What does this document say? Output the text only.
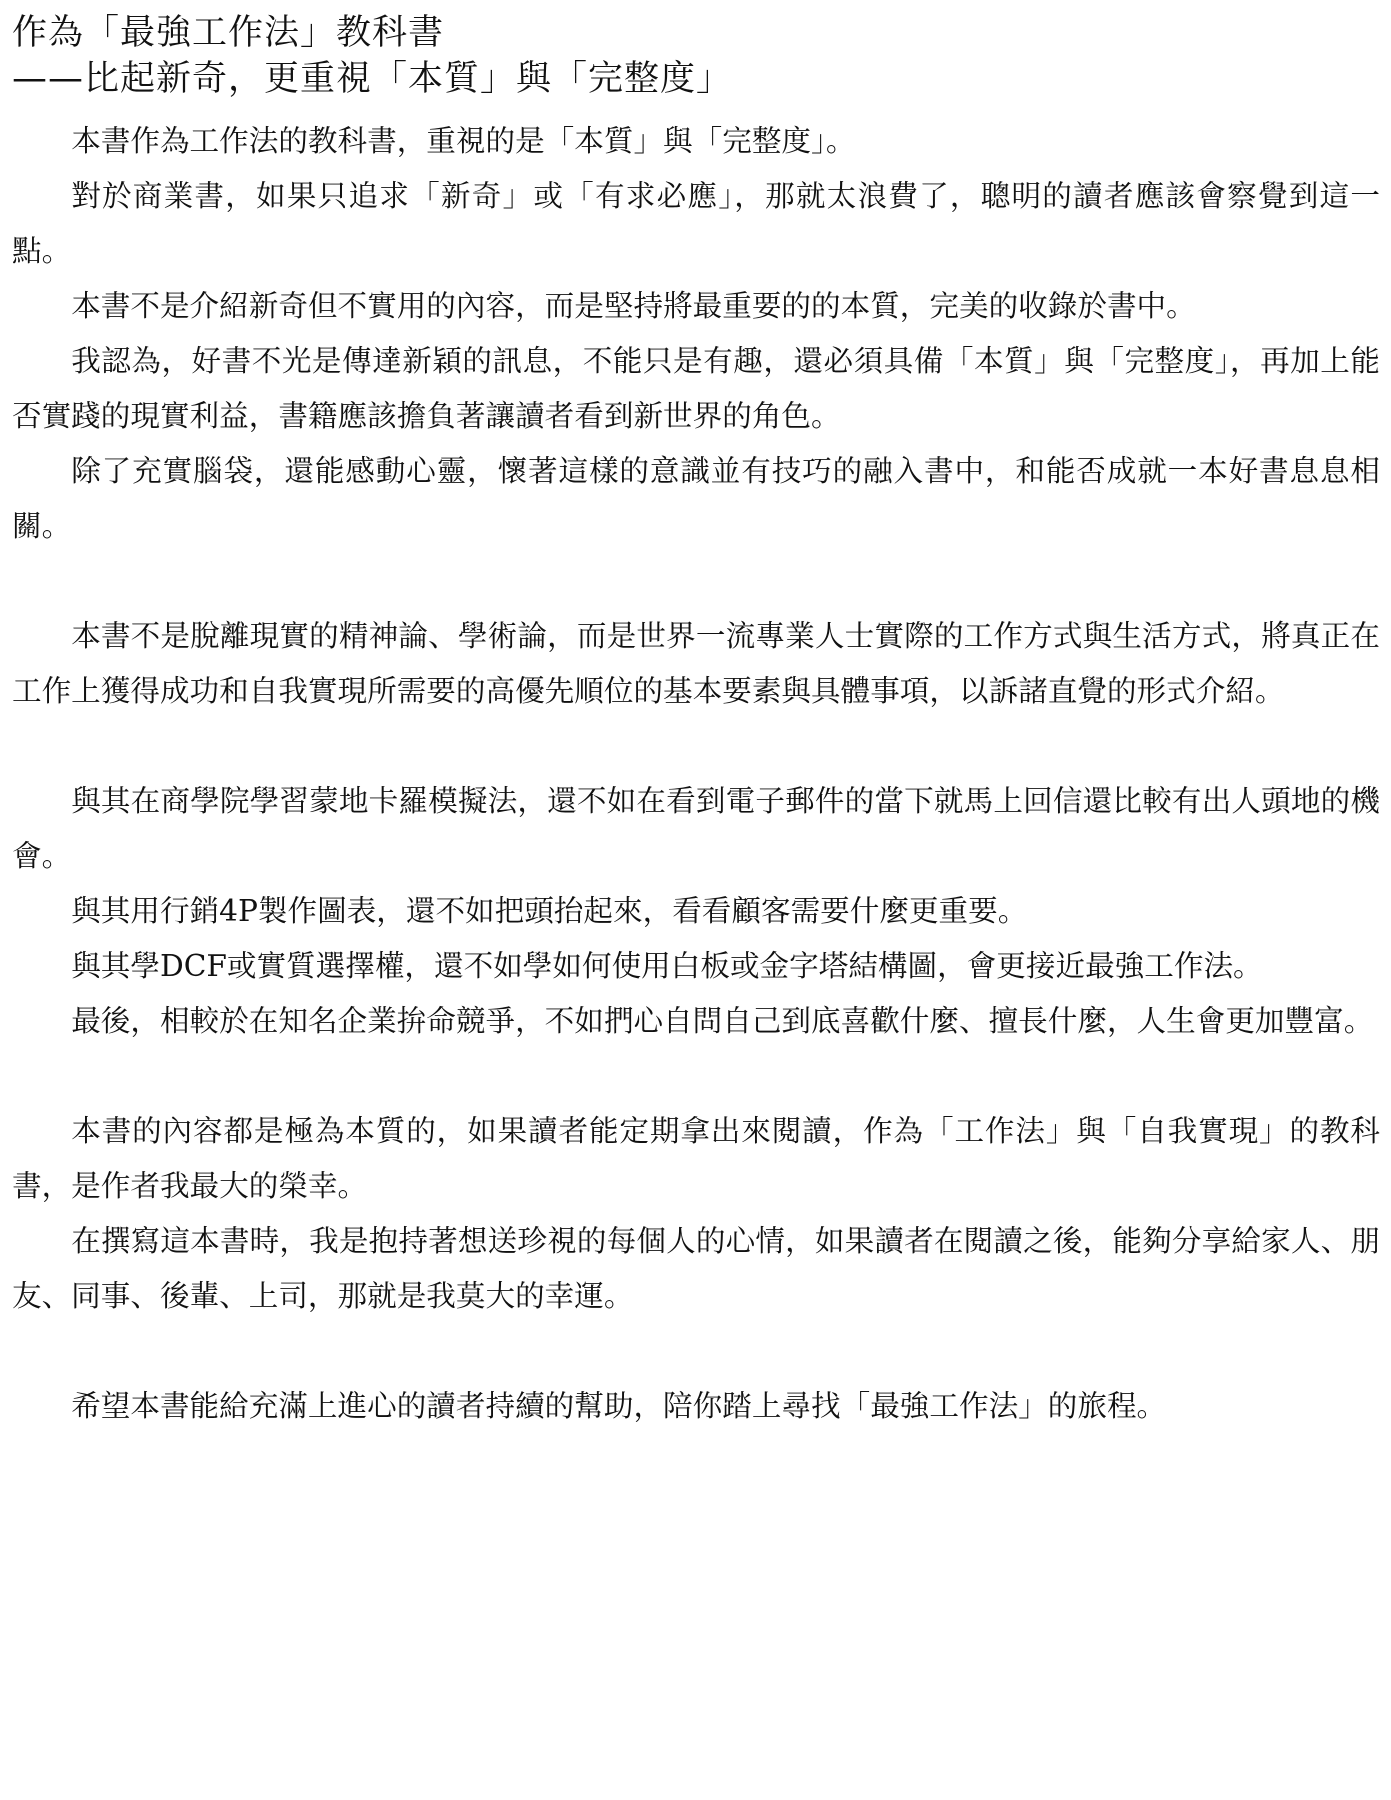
作為「最強工作法」教科書
——比起新奇，更重視「本質」與「完整度」

本書作為工作法的教科書，重視的是「本質」與「完整度」。

對於商業書，如果只追求「新奇」或「有求必應」，那就太浪費了，聰明的讀者應該會察覺到這一點。

本書不是介紹新奇但不實用的內容，而是堅持將最重要的的本質，完美的收錄於書中。

我認為，好書不光是傳達新穎的訊息，不能只是有趣，還必須具備「本質」與「完整度」，再加上能否實踐的現實利益，書籍應該擔負著讓讀者看到新世界的角色。

除了充實腦袋，還能感動心靈，懷著這樣的意識並有技巧的融入書中，和能否成就一本好書息息相關。

本書不是脫離現實的精神論、學術論，而是世界一流專業人士實際的工作方式與生活方式，將真正在工作上獲得成功和自我實現所需要的高優先順位的基本要素與具體事項，以訴諸直覺的形式介紹。

與其在商學院學習蒙地卡羅模擬法，還不如在看到電子郵件的當下就馬上回信還比較有出人頭地的機會。

與其用行銷4P製作圖表，還不如把頭抬起來，看看顧客需要什麼更重要。

與其學DCF或實質選擇權，還不如學如何使用白板或金字塔結構圖，會更接近最強工作法。

最後，相較於在知名企業拚命競爭，不如捫心自問自己到底喜歡什麼、擅長什麼，人生會更加豐富。

本書的內容都是極為本質的，如果讀者能定期拿出來閱讀，作為「工作法」與「自我實現」的教科書，是作者我最大的榮幸。

在撰寫這本書時，我是抱持著想送珍視的每個人的心情，如果讀者在閱讀之後，能夠分享給家人、朋友、同事、後輩、上司，那就是我莫大的幸運。

希望本書能給充滿上進心的讀者持續的幫助，陪你踏上尋找「最強工作法」的旅程。
